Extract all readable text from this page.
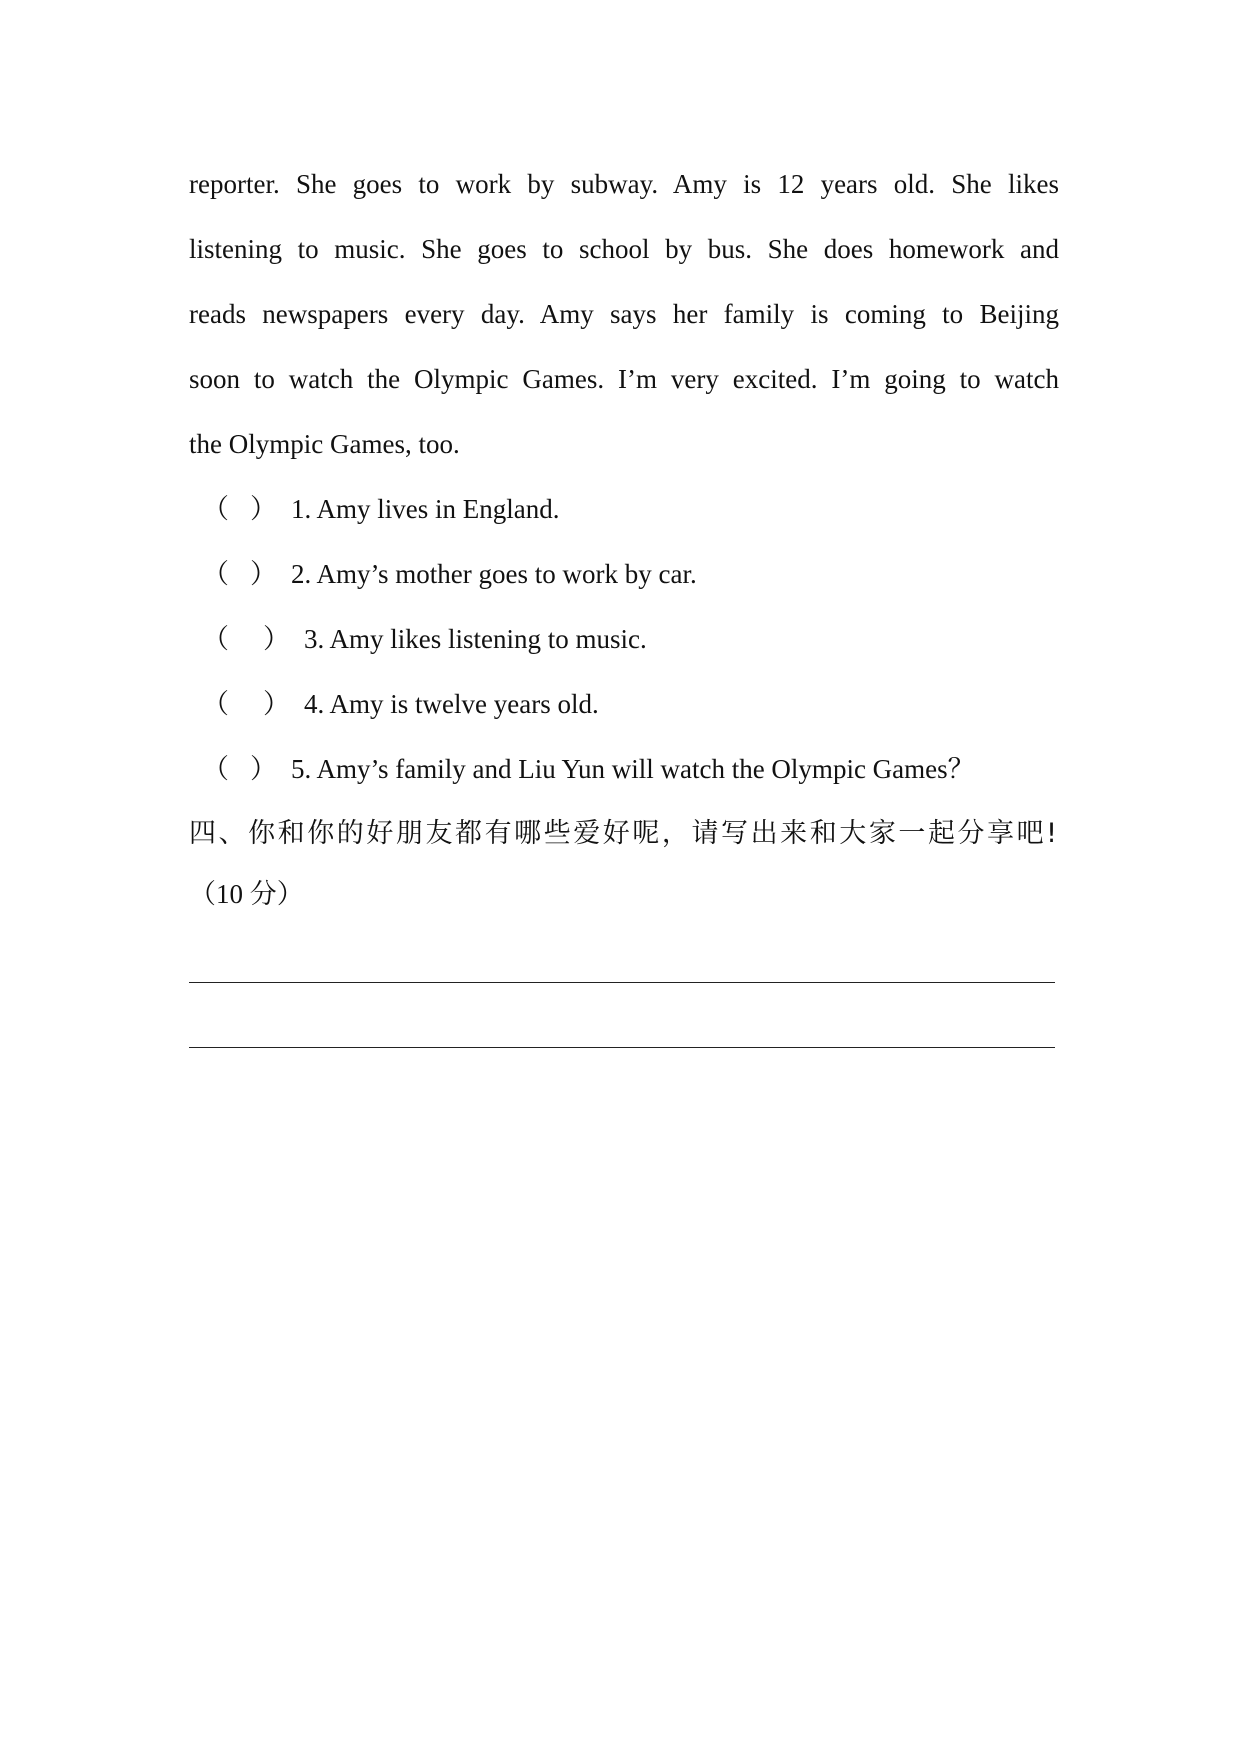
reporter. She goes to work by subway. Amy is 12 years old. She likes
listening to music. She goes to school by bus. She does homework and
reads newspapers every day. Amy says her family is coming to Beijing
soon to watch the Olympic Games. I’m very excited. I’m going to watch
the Olympic Games, too.
（ ） 1. Amy lives in England.
（ ） 2. Amy’s mother goes to work by car.
（ ） 3. Amy likes listening to music.
（ ） 4. Amy is twelve years old.
（ ） 5. Amy’s family and Liu Yun will watch the Olympic Games？
四、你和你的好朋友都有哪些爱好呢，请写出来和大家一起分享吧!
（10 分）
